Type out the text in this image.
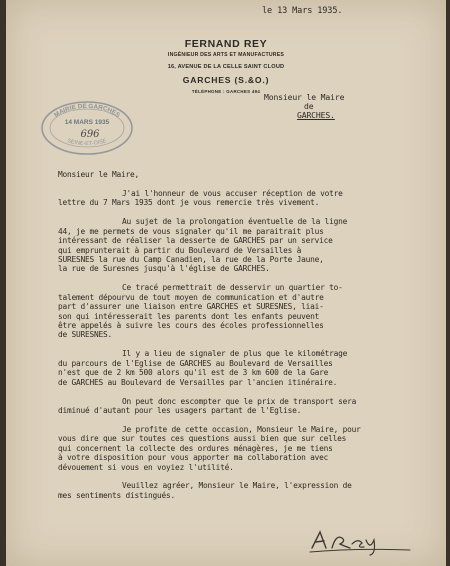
le 13 Mars 1935.
FERNAND REY
INGÉNIEUR DES ARTS ET MANUFACTURES
16, AVENUE DE LA CELLE SAINT CLOUD
GARCHES (S.&O.)
TÉLÉPHONE : GARCHES 494
Monsieur le Maire
de
GARCHES.
MAIRIE DE GARCHES
SEINE-ET-OISE
14 MARS 1935
696
Monsieur le Maire,

J'ai l'honneur de vous accuser réception de votre
lettre du 7 Mars 1935 dont je vous remercie très vivement.
Au sujet de la prolongation éventuelle de la ligne
44, je me permets de vous signaler qu'il me paraitrait plus
intéressant de réaliser la desserte de GARCHES par un service
qui emprunterait à partir du Boulevard de Versailles à
SURESNES la rue du Camp Canadien, la rue de la Porte Jaune,
la rue de Suresnes jusqu'à l'église de GARCHES.
Ce tracé permettrait de desservir un quartier to-
talement dépourvu de tout moyen de communication et d'autre
part d'assurer une liaison entre GARCHES et SURESNES, liai-
son qui intéresserait les parents dont les enfants peuvent
être appelés à suivre les cours des écoles professionnelles
de SURESNES.
Il y a lieu de signaler de plus que le kilométrage
du parcours de l'Eglise de GARCHES au Boulevard de Versailles
n'est que de 2 km 500 alors qu'il est de 3 km 600 de la Gare
de GARCHES au Boulevard de Versailles par l'ancien itinéraire.
On peut donc escompter que le prix de transport sera
diminué d'autant pour les usagers partant de l'Eglise.
Je profite de cette occasion, Monsieur le Maire, pour
vous dire que sur toutes ces questions aussi bien que sur celles
qui concernent la collecte des ordures ménagères, je me tiens
à votre disposition pour vous apporter ma collaboration avec
dévouement si vous en voyiez l'utilité.
Veuillez agréer, Monsieur le Maire, l'expression de
mes sentiments distingués.
